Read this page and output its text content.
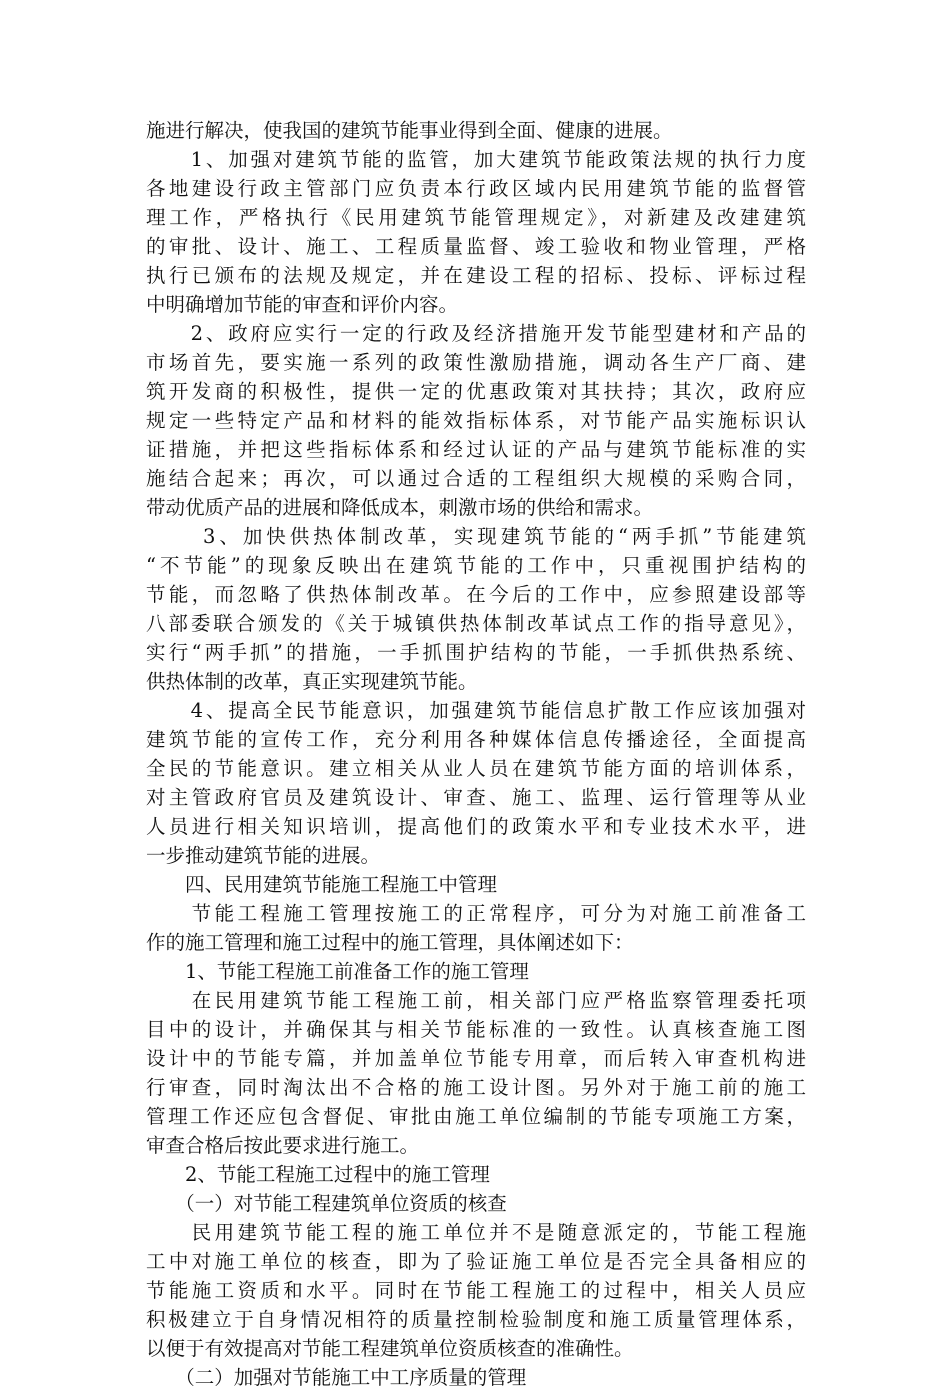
施进行解决，使我国的建筑节能事业得到全面、健康的进展。
　　1、加强对建筑节能的监管，加大建筑节能政策法规的执行力度
各地建设行政主管部门应负责本行政区域内民用建筑节能的监督管
理工作，严格执行《民用建筑节能管理规定》，对新建及改建建筑
的审批、设计、施工、工程质量监督、竣工验收和物业管理，严格
执行已颁布的法规及规定，并在建设工程的招标、投标、评标过程
中明确增加节能的审查和评价内容。
　　2、政府应实行一定的行政及经济措施开发节能型建材和产品的
市场首先，要实施一系列的政策性激励措施，调动各生产厂商、建
筑开发商的积极性，提供一定的优惠政策对其扶持；其次，政府应
规定一些特定产品和材料的能效指标体系，对节能产品实施标识认
证措施，并把这些指标体系和经过认证的产品与建筑节能标准的实
施结合起来；再次，可以通过合适的工程组织大规模的采购合同，
带动优质产品的进展和降低成本，刺激市场的供给和需求。
　　 3、加快供热体制改革，实现建筑节能的“两手抓”节能建筑
“不节能”的现象反映出在建筑节能的工作中，只重视围护结构的
节能，而忽略了供热体制改革。在今后的工作中，应参照建设部等
八部委联合颁发的《关于城镇供热体制改革试点工作的指导意见》，
实行“两手抓”的措施，一手抓围护结构的节能，一手抓供热系统、
供热体制的改革，真正实现建筑节能。
　　4、提高全民节能意识，加强建筑节能信息扩散工作应该加强对
建筑节能的宣传工作，充分利用各种媒体信息传播途径，全面提高
全民的节能意识。建立相关从业人员在建筑节能方面的培训体系，
对主管政府官员及建筑设计、审查、施工、监理、运行管理等从业
人员进行相关知识培训，提高他们的政策水平和专业技术水平，进
一步推动建筑节能的进展。
　　四、民用建筑节能施工程施工中管理
　　节能工程施工管理按施工的正常程序，可分为对施工前准备工
作的施工管理和施工过程中的施工管理，具体阐述如下：
　　1、节能工程施工前准备工作的施工管理
　　在民用建筑节能工程施工前，相关部门应严格监察管理委托项
目中的设计，并确保其与相关节能标准的一致性。认真核查施工图
设计中的节能专篇，并加盖单位节能专用章，而后转入审查机构进
行审查，同时淘汰出不合格的施工设计图。另外对于施工前的施工
管理工作还应包含督促、审批由施工单位编制的节能专项施工方案，
审查合格后按此要求进行施工。
　　2、节能工程施工过程中的施工管理
　　（一）对节能工程建筑单位资质的核查
　　民用建筑节能工程的施工单位并不是随意派定的，节能工程施
工中对施工单位的核查，即为了验证施工单位是否完全具备相应的
节能施工资质和水平。同时在节能工程施工的过程中，相关人员应
积极建立于自身情况相符的质量控制检验制度和施工质量管理体系，
以便于有效提高对节能工程建筑单位资质核查的准确性。
　　（二）加强对节能施工中工序质量的管理
